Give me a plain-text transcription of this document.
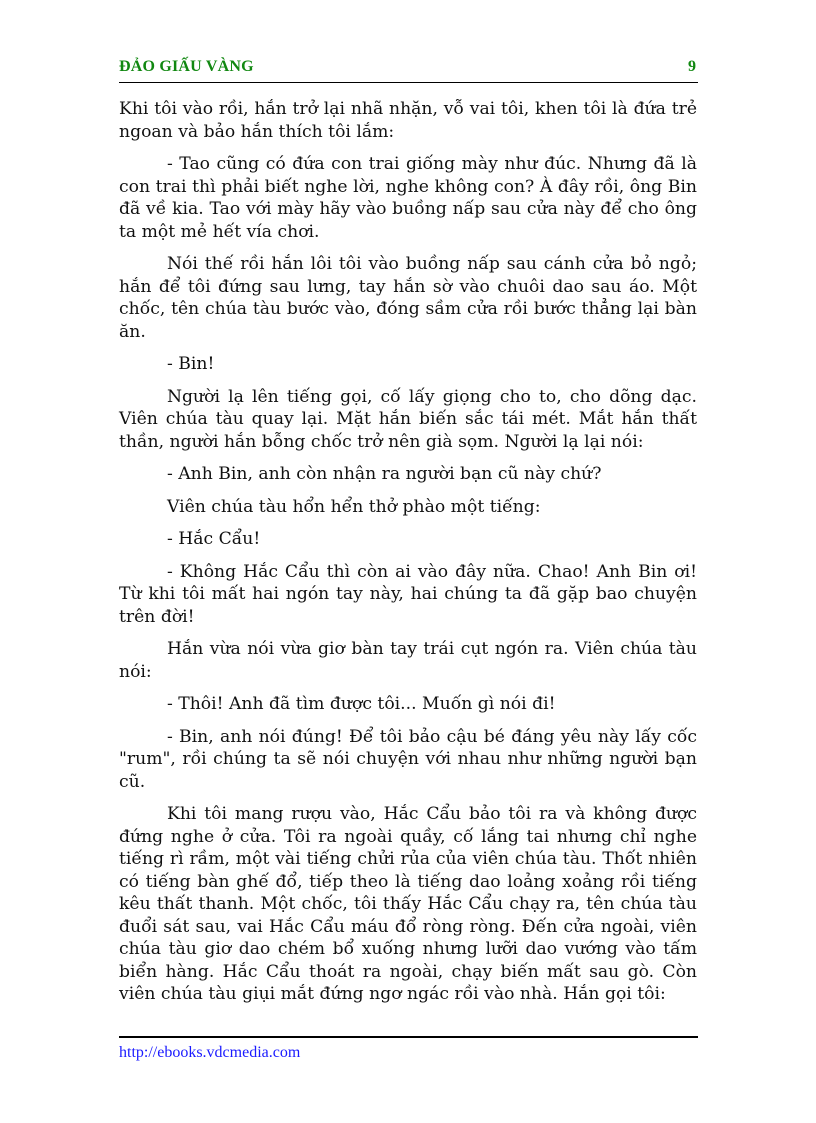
ĐẢO GIẤU VÀNG	9

Khi tôi vào rồi, hắn trở lại nhã nhặn, vỗ vai tôi, khen tôi là đứa trẻ ngoan và bảo hắn thích tôi lắm:

- Tao cũng có đứa con trai giống mày như đúc. Nhưng đã là con trai thì phải biết nghe lời, nghe không con? À đây rồi, ông Bin đã về kia. Tao với mày hãy vào buồng nấp sau cửa này để cho ông ta một mẻ hết vía chơi.

Nói thế rồi hắn lôi tôi vào buồng nấp sau cánh cửa bỏ ngỏ; hắn để tôi đứng sau lưng, tay hắn sờ vào chuôi dao sau áo. Một chốc, tên chúa tàu bước vào, đóng sầm cửa rồi bước thẳng lại bàn ăn.

- Bin!

Người lạ lên tiếng gọi, cố lấy giọng cho to, cho dõng dạc. Viên chúa tàu quay lại. Mặt hắn biến sắc tái mét. Mắt hắn thất thần, người hắn bỗng chốc trở nên già sọm. Người lạ lại nói:

- Anh Bin, anh còn nhận ra người bạn cũ này chứ?

Viên chúa tàu hổn hển thở phào một tiếng:

- Hắc Cẩu!

- Không Hắc Cẩu thì còn ai vào đây nữa. Chao! Anh Bin ơi! Từ khi tôi mất hai ngón tay này, hai chúng ta đã gặp bao chuyện trên đời!

Hắn vừa nói vừa giơ bàn tay trái cụt ngón ra. Viên chúa tàu nói:

- Thôi! Anh đã tìm được tôi... Muốn gì nói đi!

- Bin, anh nói đúng! Để tôi bảo cậu bé đáng yêu này lấy cốc "rum", rồi chúng ta sẽ nói chuyện với nhau như những người bạn cũ.

Khi tôi mang rượu vào, Hắc Cẩu bảo tôi ra và không được đứng nghe ở cửa. Tôi ra ngoài quầy, cố lắng tai nhưng chỉ nghe tiếng rì rầm, một vài tiếng chửi rủa của viên chúa tàu. Thốt nhiên có tiếng bàn ghế đổ, tiếp theo là tiếng dao loảng xoảng rồi tiếng kêu thất thanh. Một chốc, tôi thấy Hắc Cẩu chạy ra, tên chúa tàu đuổi sát sau, vai Hắc Cẩu máu đổ ròng ròng. Đến cửa ngoài, viên chúa tàu giơ dao chém bổ xuống nhưng lưỡi dao vướng vào tấm biển hàng. Hắc Cẩu thoát ra ngoài, chạy biến mất sau gò. Còn viên chúa tàu giụi mắt đứng ngơ ngác rồi vào nhà. Hắn gọi tôi:

http://ebooks.vdcmedia.com
